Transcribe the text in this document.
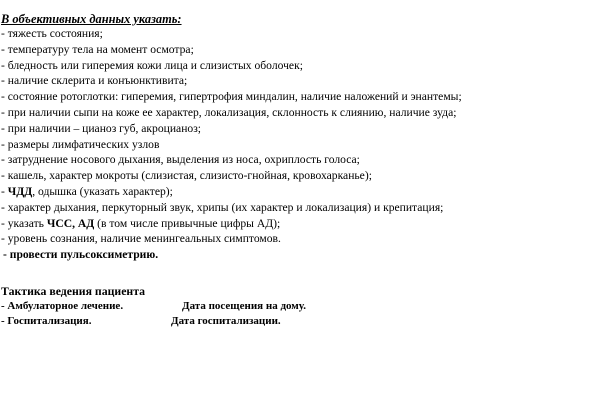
В объективных данных указать:
- тяжесть состояния;
- температуру тела на момент осмотра;
- бледность или гиперемия кожи лица и слизистых оболочек;
- наличие склерита и конъюнктивита;
- состояние ротоглотки: гиперемия, гипертрофия миндалин, наличие наложений и энантемы;
- при наличии сыпи на коже ее характер, локализация, склонность к слиянию, наличие зуда;
- при наличии – цианоз губ, акроцианоз;
- размеры лимфатических узлов
- затруднение носового дыхания, выделения из носа, охриплость голоса;
- кашель, характер мокроты (слизистая, слизисто-гнойная, кровохарканье);
- ЧДД, одышка (указать характер);
- характер дыхания, перкуторный звук, хрипы (их характер и локализация) и крепитация;
- указать ЧСС, АД (в том числе привычные цифры АД);
- уровень сознания, наличие менингеальных симптомов.
- провести пульсоксиметрию.
Тактика ведения пациента
- Амбулаторное лечение.	Дата посещения на дому.
- Госпитализация.	Дата госпитализации.
